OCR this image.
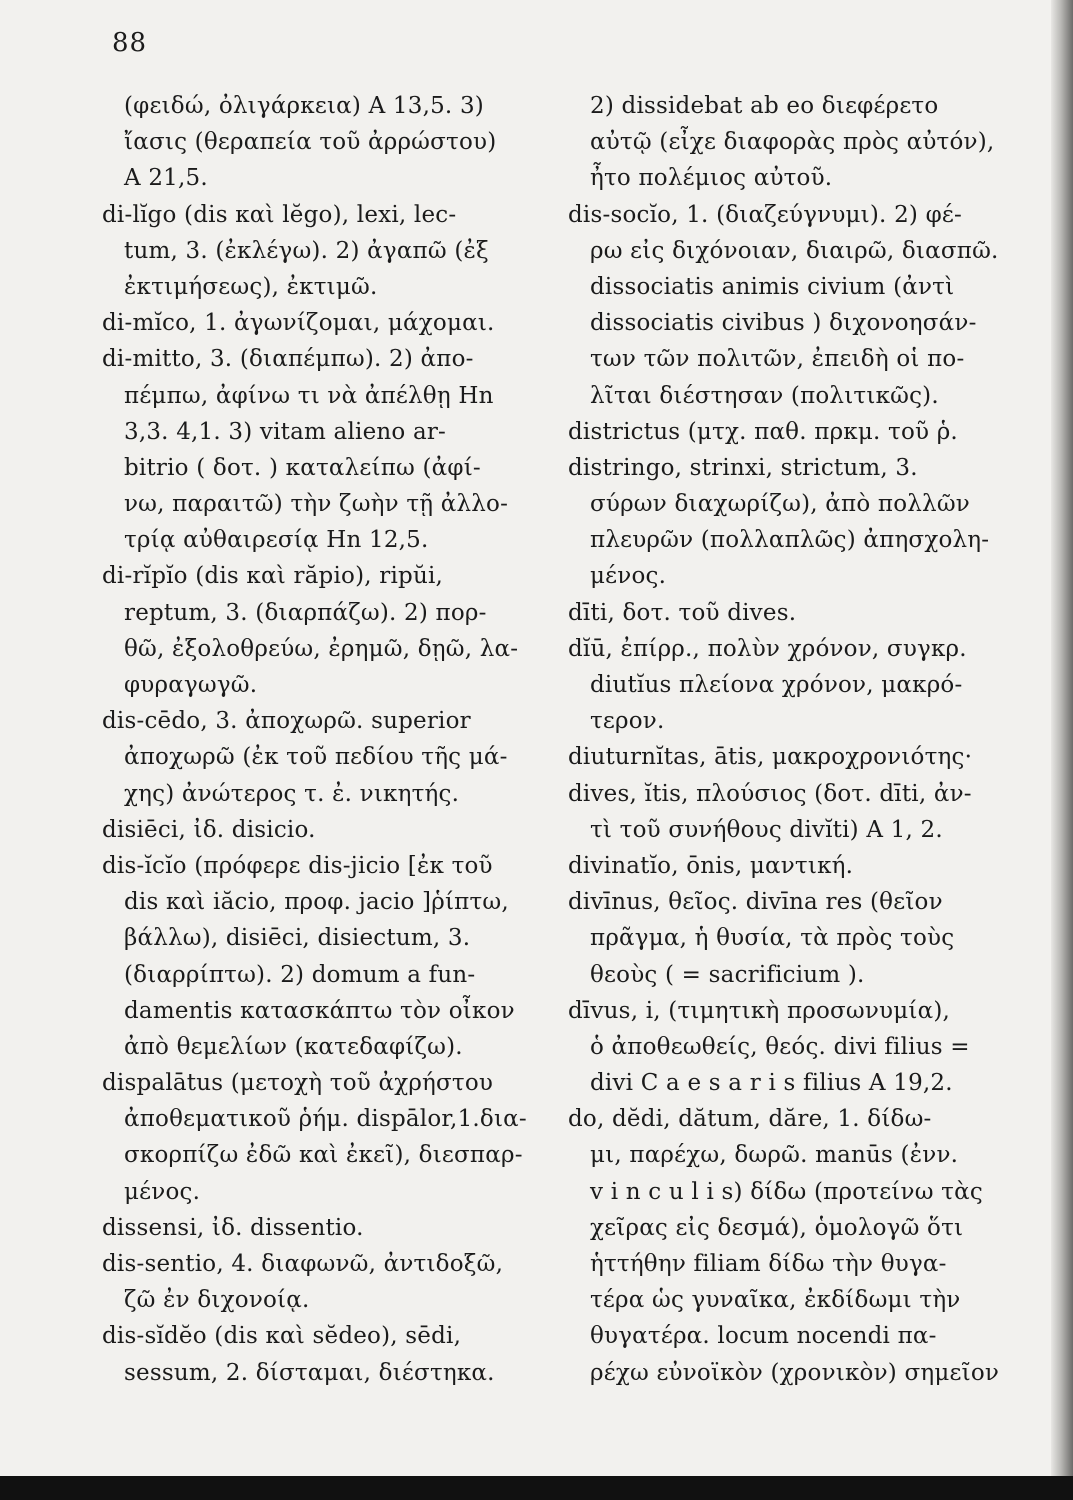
88
(φειδώ, ὀλιγάρκεια) A 13,5. 3)
ἴασις (θεραπεία τοῦ ἀρρώστου)
A 21,5.
di-lĭgo (dis καὶ lĕgo), lexi, lec-
tum, 3. (ἐκλέγω). 2) ἀγαπῶ (ἐξ
ἐκτιμήσεως), ἐκτιμῶ.
di-mĭco, 1. ἀγωνίζομαι, μάχομαι.
di-mitto, 3. (διαπέμπω). 2) ἀπο-
πέμπω, ἀφίνω τι νὰ ἀπέλθῃ Hn
3,3. 4,1. 3) vitam alieno ar-
bitrio ( δοτ. ) καταλείπω (ἀφί-
νω, παραιτῶ) τὴν ζωὴν τῇ ἀλλο-
τρίᾳ αὐθαιρεσίᾳ Hn 12,5.
di-rĭpĭo (dis καὶ răpio), ripŭi,
reptum, 3. (διαρπάζω). 2) πορ-
θῶ, ἐξολοθρεύω, ἐρημῶ, δῃῶ, λα-
φυραγωγῶ.
dis-cēdo, 3. ἀποχωρῶ. superior
ἀποχωρῶ (ἐκ τοῦ πεδίου τῆς μά-
χης) ἀνώτερος τ. ἐ. νικητής.
disiēci, ἰδ. disicio.
dis-ĭcĭo (πρόφερε dis-jicio [ἐκ τοῦ
dis καὶ iăcio, προφ. jacio ]ῥίπτω,
βάλλω), disiēci, disiectum, 3.
(διαρρίπτω). 2) domum a fun-
damentis κατασκάπτω τὸν οἶκον
ἀπὸ θεμελίων (κατεδαφίζω).
dispalātus (μετοχὴ τοῦ ἀχρήστου
ἀποθεματικοῦ ῥήμ. dispālor,1.δια-
σκορπίζω ἐδῶ καὶ ἐκεῖ), διεσπαρ-
μένος.
dissensi, ἰδ. dissentio.
dis-sentio, 4. διαφωνῶ, ἀντιδοξῶ,
ζῶ ἐν διχονοίᾳ.
dis-sĭdĕo (dis καὶ sĕdeo), sēdi,
sessum, 2. δίσταμαι, διέστηκα.
2) dissidebat ab eo διεφέρετο
αὐτῷ (εἶχε διαφορὰς πρὸς αὐτόν),
ἦτο πολέμιος αὐτοῦ.
dis-socĭo, 1. (διαζεύγνυμι). 2) φέ-
ρω εἰς διχόνοιαν, διαιρῶ, διασπῶ.
dissociatis animis civium (ἀντὶ
dissociatis civibus ) διχονοησάν-
των τῶν πολιτῶν, ἐπειδὴ οἱ πο-
λῖται διέστησαν (πολιτικῶς).
districtus (μτχ. παθ. πρκμ. τοῦ ῥ.
distringo, strinxi, strictum, 3.
σύρων διαχωρίζω), ἀπὸ πολλῶν
πλευρῶν (πολλαπλῶς) ἀπησχολη-
μένος.
dīti, δοτ. τοῦ dives.
dĭū, ἐπίρρ., πολὺν χρόνον, συγκρ.
diutĭus πλείονα χρόνον, μακρό-
τερον.
diuturnĭtas, ātis, μακροχρονιότης·
dives, ĭtis, πλούσιος (δοτ. dīti, ἀν-
τὶ τοῦ συνήθους divĭti) A 1, 2.
divinatĭo, ōnis, μαντική.
divīnus, θεῖος. divīna res (θεῖον
πρᾶγμα, ἡ θυσία, τὰ πρὸς τοὺς
θεοὺς ( = sacrificium ).
dīvus, i, (τιμητικὴ προσωνυμία),
ὁ ἀποθεωθείς, θεός. divi filius =
divi C a e s a r i s filius A 19,2.
do, dĕdi, dătum, dăre, 1. δίδω-
μι, παρέχω, δωρῶ. manūs (ἐνν.
v i n c u l i s) δίδω (προτείνω τὰς
χεῖρας εἰς δεσμά), ὁμολογῶ ὅτι
ἡττήθην filiam δίδω τὴν θυγα-
τέρα ὡς γυναῖκα, ἐκδίδωμι τὴν
θυγατέρα. locum nocendi πα-
ρέχω εὐνοϊκὸν (χρονικὸν) σημεῖον
